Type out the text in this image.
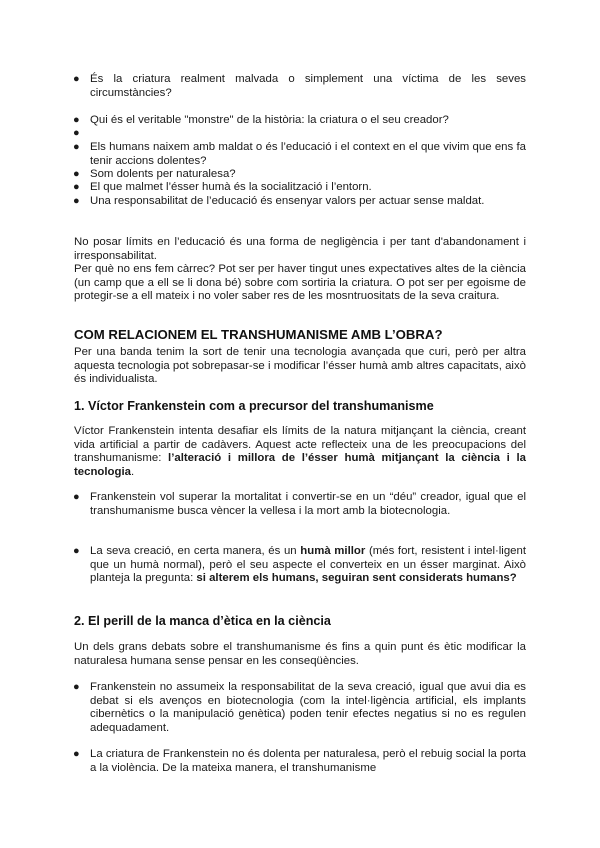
● És la criatura realment malvada o simplement una víctima de les seves circumstàncies?

● Qui és el veritable "monstre" de la història: la criatura o el seu creador?

●

● Els humans naixem amb maldat o és l’educació i el context en el que vivim que ens fa tenir accions dolentes?

● Som dolents per naturalesa?

● El que malmet l’ésser humà és la socialització i l’entorn.

● Una responsabilitat de l’educació és ensenyar valors per actuar sense maldat.

No posar límits en l’educació és una forma de negligència i per tant d'abandonament i irresponsabilitat.

Per què no ens fem càrrec? Pot ser per haver tingut unes expectatives altes de la ciència (un camp que a ell se li dona bé) sobre com sortiria la criatura. O pot ser per egoisme de protegir-se a ell mateix i no voler saber res de les mosntruositats de la seva craitura.

COM RELACIONEM EL TRANSHUMANISME AMB L’OBRA?

Per una banda tenim la sort de tenir una tecnologia avançada que curi, però per altra aquesta tecnologia pot sobrepasar-se i modificar l’ésser humà amb altres capacitats, això és individualista.

1. Víctor Frankenstein com a precursor del transhumanisme

Víctor Frankenstein intenta desafiar els límits de la natura mitjançant la ciència, creant vida artificial a partir de cadàvers. Aquest acte reflecteix una de les preocupacions del transhumanisme: l’alteració i millora de l’ésser humà mitjançant la ciència i la tecnologia.

● Frankenstein vol superar la mortalitat i convertir-se en un “déu” creador, igual que el transhumanisme busca vèncer la vellesa i la mort amb la biotecnologia.

● La seva creació, en certa manera, és un humà millor (més fort, resistent i intel·ligent que un humà normal), però el seu aspecte el converteix en un ésser marginat. Això planteja la pregunta: si alterem els humans, seguiran sent considerats humans?

2. El perill de la manca d’ètica en la ciència

Un dels grans debats sobre el transhumanisme és fins a quin punt és ètic modificar la naturalesa humana sense pensar en les conseqüències.

● Frankenstein no assumeix la responsabilitat de la seva creació, igual que avui dia es debat si els avenços en biotecnologia (com la intel·ligència artificial, els implants cibernètics o la manipulació genètica) poden tenir efectes negatius si no es regulen adequadament.

● La criatura de Frankenstein no és dolenta per naturalesa, però el rebuig social la porta a la violència. De la mateixa manera, el transhumanisme
